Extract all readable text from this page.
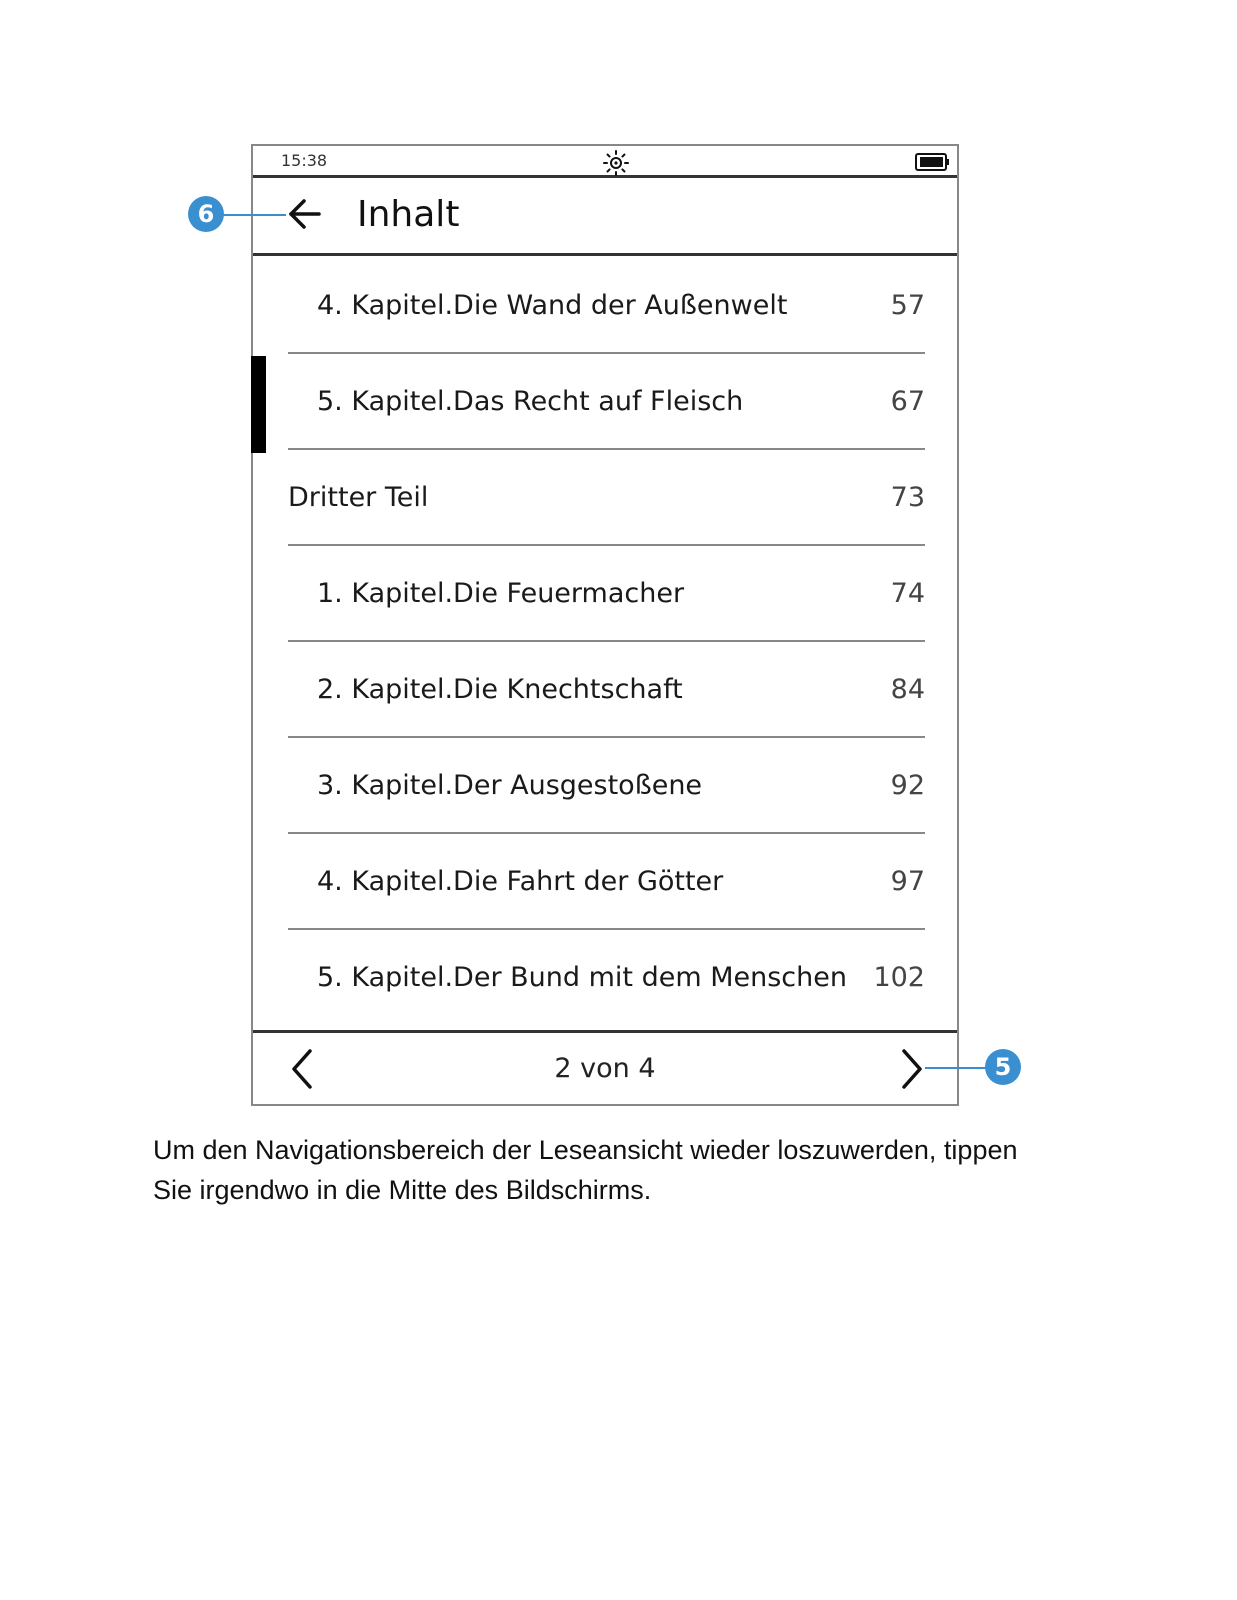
15:38
Inhalt
4. Kapitel.Die Wand der Außenwelt	57
5. Kapitel.Das Recht auf Fleisch	67
Dritter Teil	73
1. Kapitel.Die Feuermacher	74
2. Kapitel.Die Knechtschaft	84
3. Kapitel.Der Ausgestoßene	92
4. Kapitel.Die Fahrt der Götter	97
5. Kapitel.Der Bund mit dem Menschen 102
2 von 4
6
5
Um den Navigationsbereich der Leseansicht wieder loszuwerden, tippen Sie irgendwo in die Mitte des Bildschirms.
